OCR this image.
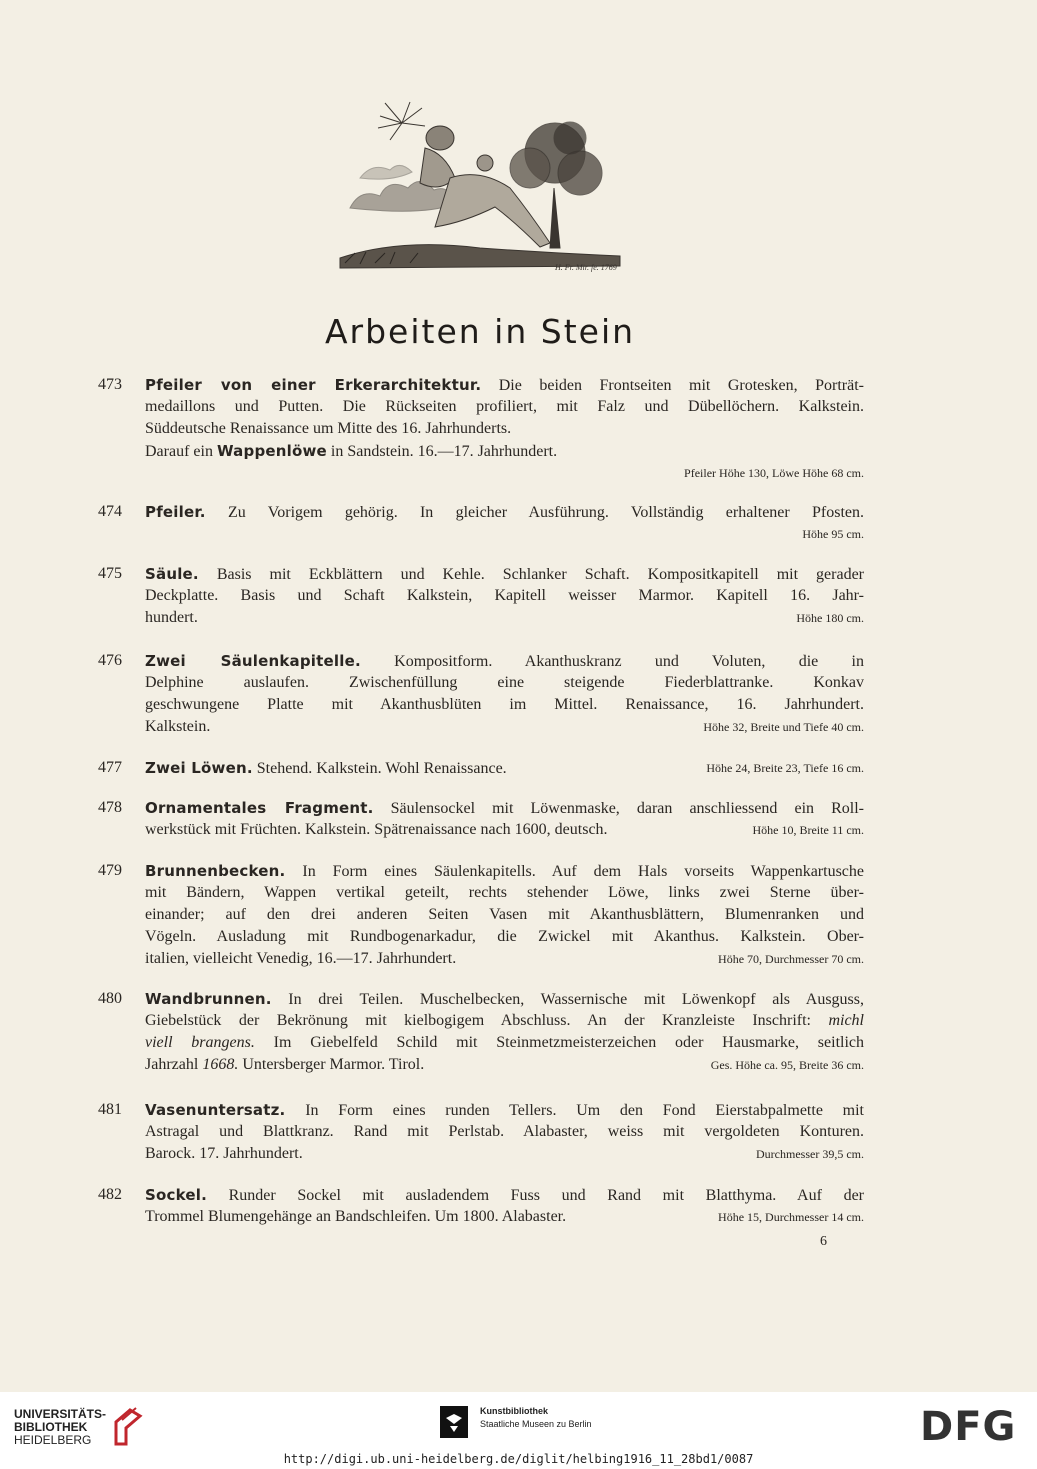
H. Fr. Mir. fe. 1769
Arbeiten in Stein
473	Pfeiler von einer Erkerarchitektur. Die beiden Frontseiten mit Grotesken, Porträt-
medaillons und Putten. Die Rückseiten profiliert, mit Falz und Dübellöchern. Kalkstein.
Süddeutsche Renaissance um Mitte des 16. Jahrhunderts.
Darauf ein Wappenlöwe in Sandstein. 16.—17. Jahrhundert.
Pfeiler Höhe 130, Löwe Höhe 68 cm.
474	Pfeiler. Zu Vorigem gehörig. In gleicher Ausführung. Vollständig erhaltener Pfosten.
Höhe 95 cm.
475	Säule. Basis mit Eckblättern und Kehle. Schlanker Schaft. Kompositkapitell mit gerader
Deckplatte. Basis und Schaft Kalkstein, Kapitell weisser Marmor. Kapitell 16. Jahr-
Höhe 180 cm.
hundert.
476	Zwei Säulenkapitelle. Kompositform. Akanthuskranz und Voluten, die in
Delphine auslaufen. Zwischenfüllung eine steigende Fiederblattranke. Konkav
geschwungene Platte mit Akanthusblüten im Mittel. Renaissance, 16. Jahrhundert.
Höhe 32, Breite und Tiefe 40 cm.
Kalkstein.
477	Höhe 24, Breite 23, Tiefe 16 cm.
Zwei Löwen. Stehend. Kalkstein. Wohl Renaissance.
478	Ornamentales Fragment. Säulensockel mit Löwenmaske, daran anschliessend ein Roll-
Höhe 10, Breite 11 cm.
werkstück mit Früchten. Kalkstein. Spätrenaissance nach 1600, deutsch.
479	Brunnenbecken. In Form eines Säulenkapitells. Auf dem Hals vorseits Wappenkartusche
mit Bändern, Wappen vertikal geteilt, rechts stehender Löwe, links zwei Sterne über-
einander; auf den drei anderen Seiten Vasen mit Akanthusblättern, Blumenranken und
Vögeln. Ausladung mit Rundbogenarkadur, die Zwickel mit Akanthus. Kalkstein. Ober-
Höhe 70, Durchmesser 70 cm.
italien, vielleicht Venedig, 16.—17. Jahrhundert.
480	Wandbrunnen. In drei Teilen. Muschelbecken, Wassernische mit Löwenkopf als Ausguss,
Giebelstück der Bekrönung mit kielbogigem Abschluss. An der Kranzleiste Inschrift: michl
viell brangens. Im Giebelfeld Schild mit Steinmetzmeisterzeichen oder Hausmarke, seitlich
Ges. Höhe ca. 95, Breite 36 cm.
Jahrzahl 1668. Untersberger Marmor. Tirol.
481	Vasenuntersatz. In Form eines runden Tellers. Um den Fond Eierstabpalmette mit
Astragal und Blattkranz. Rand mit Perlstab. Alabaster, weiss mit vergoldeten Konturen.
Durchmesser 39,5 cm.
Barock. 17. Jahrhundert.
482	Sockel. Runder Sockel mit ausladendem Fuss und Rand mit Blatthyma. Auf der
Höhe 15, Durchmesser 14 cm.
Trommel Blumengehänge an Bandschleifen. Um 1800. Alabaster.
6
UNIVERSITÄTS-
BIBLIOTHEK
HEIDELBERG
Kunstbibliothek
Staatliche Museen zu Berlin	DFG
http://digi.ub.uni-heidelberg.de/diglit/helbing1916_11_28bd1/0087
